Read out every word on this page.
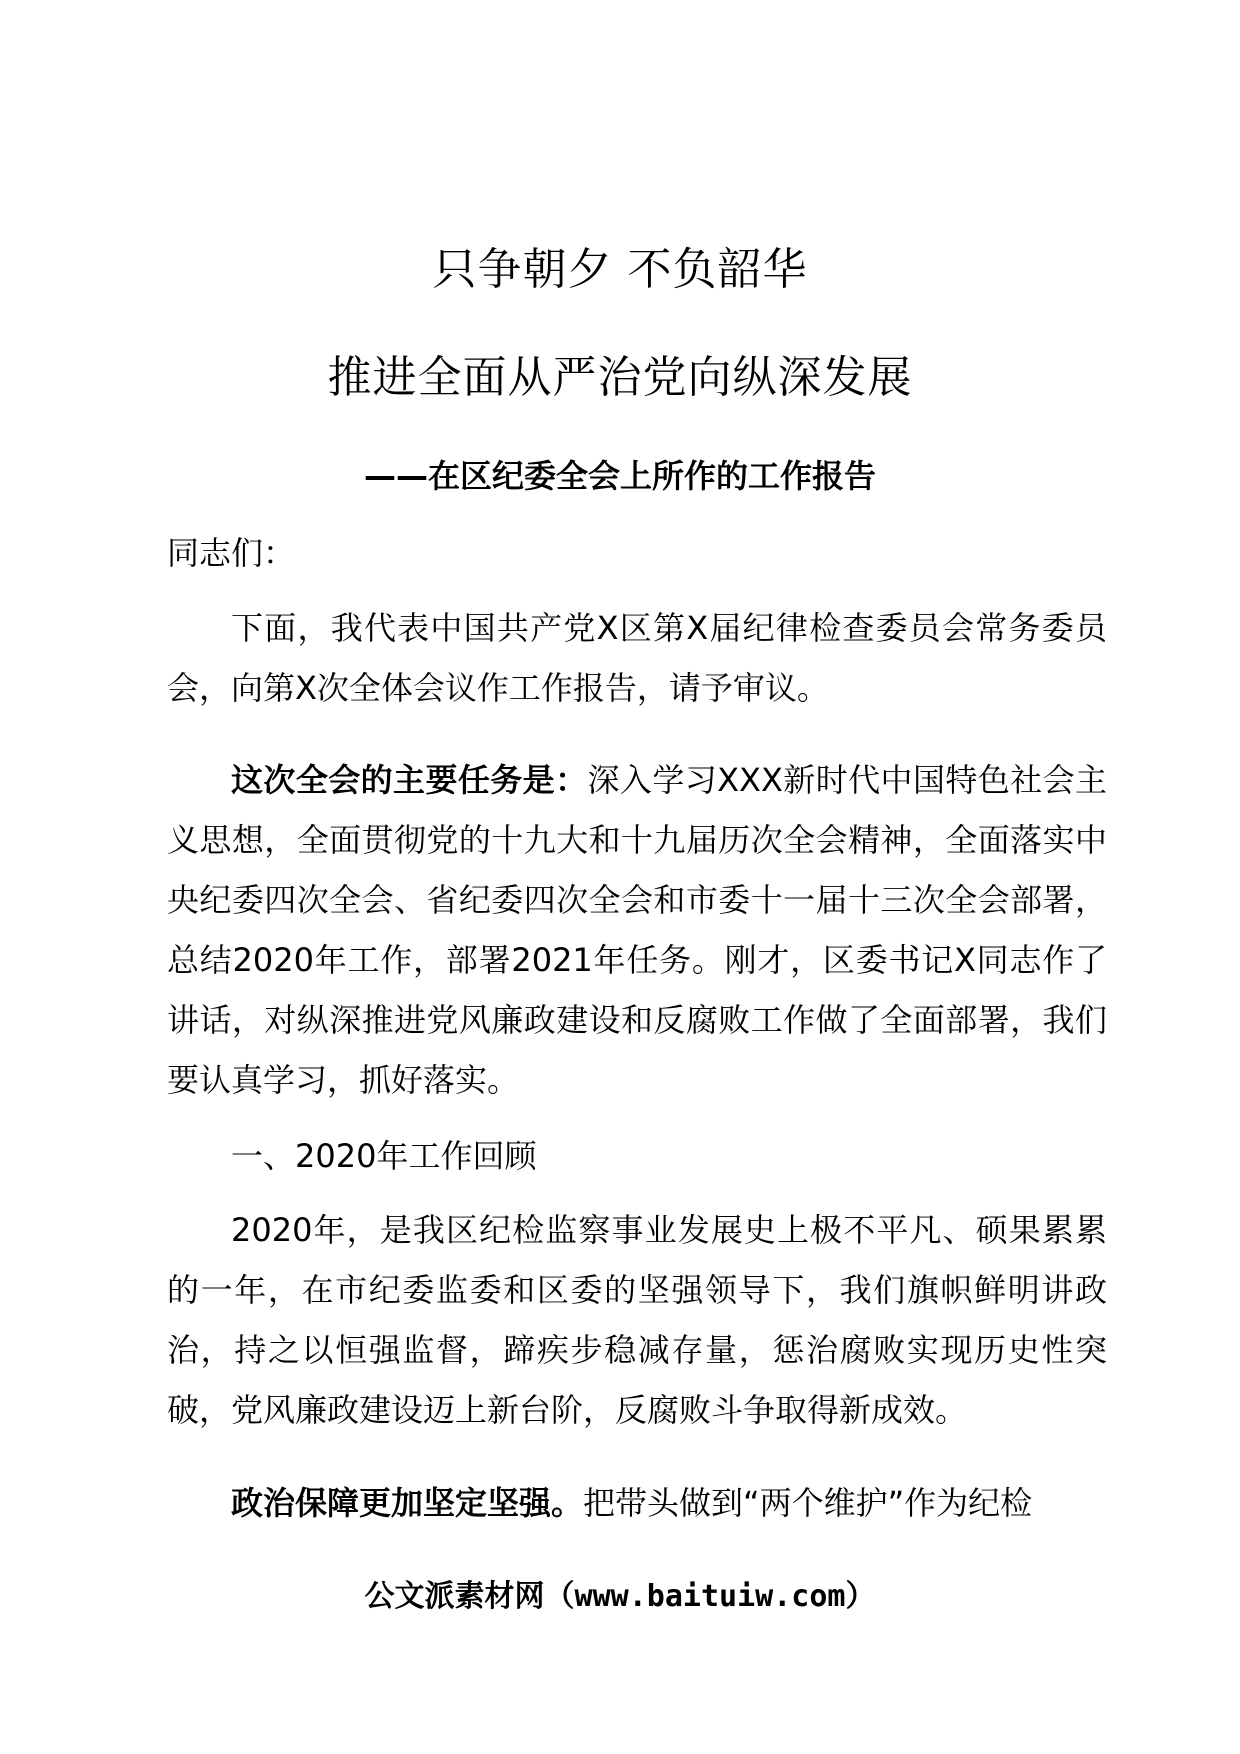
只争朝夕 不负韶华
推进全面从严治党向纵深发展
——在区纪委全会上所作的工作报告
同志们：
下面，我代表中国共产党X区第X届纪律检查委员会常务委员会，向第X次全体会议作工作报告，请予审议。
这次全会的主要任务是：深入学习XXX新时代中国特色社会主义思想，全面贯彻党的十九大和十九届历次全会精神，全面落实中央纪委四次全会、省纪委四次全会和市委十一届十三次全会部署，总结2020年工作，部署2021年任务。刚才，区委书记X同志作了讲话，对纵深推进党风廉政建设和反腐败工作做了全面部署，我们要认真学习，抓好落实。
一、2020年工作回顾
2020年，是我区纪检监察事业发展史上极不平凡、硕果累累的一年，在市纪委监委和区委的坚强领导下，我们旗帜鲜明讲政治，持之以恒强监督，蹄疾步稳减存量，惩治腐败实现历史性突破，党风廉政建设迈上新台阶，反腐败斗争取得新成效。
政治保障更加坚定坚强。把带头做到“两个维护”作为纪检
公文派素材网（www.baituiw.com）
